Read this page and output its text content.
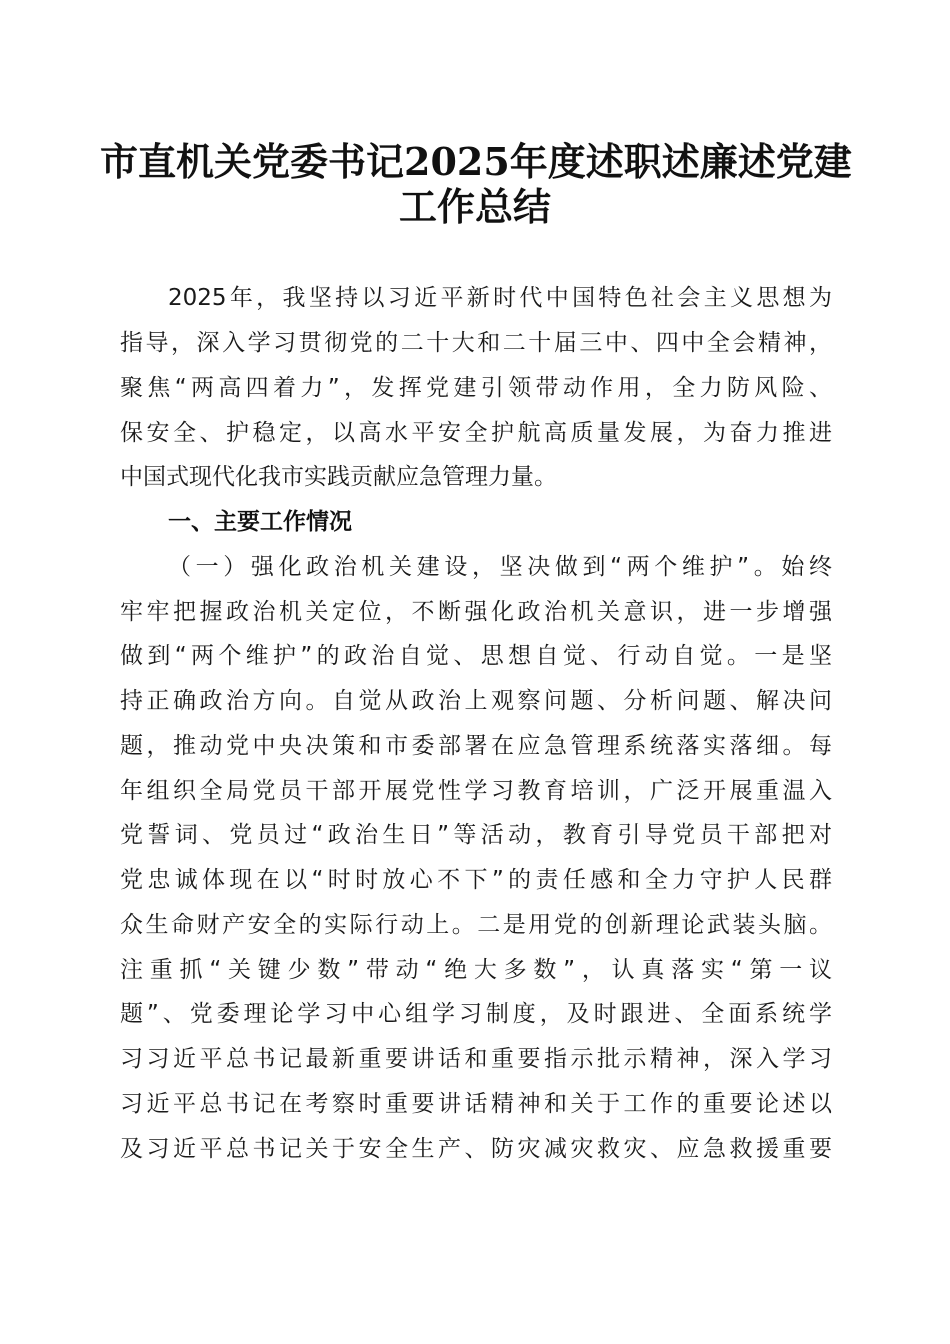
市直机关党委书记2025年度述职述廉述党建
工作总结
2025年，我坚持以习近平新时代中国特色社会主义思想为
指导，深入学习贯彻党的二十大和二十届三中、四中全会精神，
聚焦“两高四着力”，发挥党建引领带动作用，全力防风险、
保安全、护稳定，以高水平安全护航高质量发展，为奋力推进
中国式现代化我市实践贡献应急管理力量。
一、主要工作情况
（一）强化政治机关建设，坚决做到“两个维护”。始终
牢牢把握政治机关定位，不断强化政治机关意识，进一步增强
做到“两个维护”的政治自觉、思想自觉、行动自觉。一是坚
持正确政治方向。自觉从政治上观察问题、分析问题、解决问
题，推动党中央决策和市委部署在应急管理系统落实落细。每
年组织全局党员干部开展党性学习教育培训，广泛开展重温入
党誓词、党员过“政治生日”等活动，教育引导党员干部把对
党忠诚体现在以“时时放心不下”的责任感和全力守护人民群
众生命财产安全的实际行动上。二是用党的创新理论武装头脑。
注重抓“关键少数”带动“绝大多数”，认真落实“第一议
题”、党委理论学习中心组学习制度，及时跟进、全面系统学
习习近平总书记最新重要讲话和重要指示批示精神，深入学习
习近平总书记在考察时重要讲话精神和关于工作的重要论述以
及习近平总书记关于安全生产、防灾减灾救灾、应急救援重要
